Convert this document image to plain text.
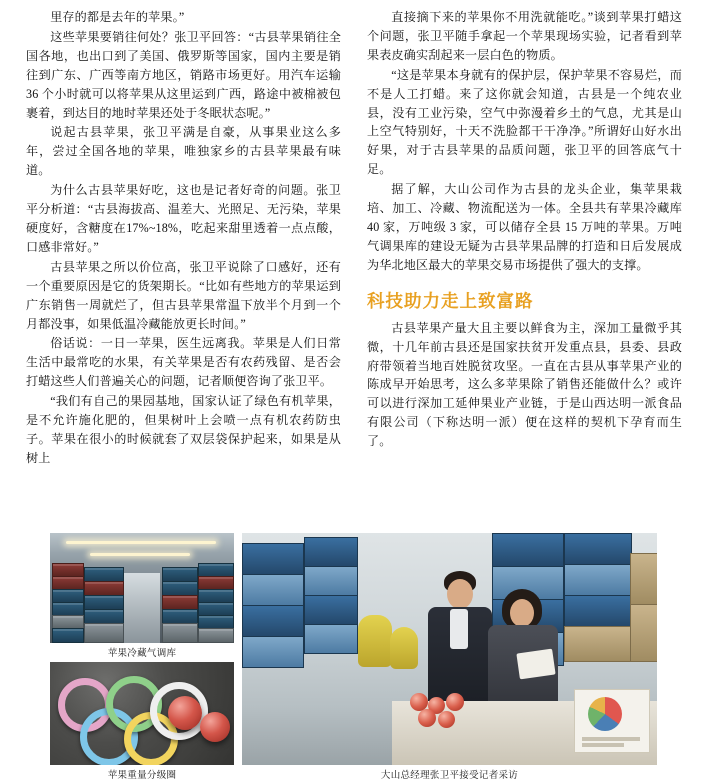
里存的都是去年的苹果。”

这些苹果要销往何处？张卫平回答：“古县苹果销往全国各地，也出口到了美国、俄罗斯等国家，国内主要是销往到广东、广西等南方地区，销路市场更好。用汽车运输 36 个小时就可以将苹果从这里运到广西，路途中被棉被包裹着，到达目的地时苹果还处于冬眠状态呢。”

说起古县苹果，张卫平满是自豪，从事果业这么多年，尝过全国各地的苹果，唯独家乡的古县苹果最有味道。

为什么古县苹果好吃，这也是记者好奇的问题。张卫平分析道：“古县海拔高、温差大、光照足、无污染，苹果硬度好，含糖度在17%~18%，吃起来甜里透着一点点酸，口感非常好。”

古县苹果之所以价位高，张卫平说除了口感好，还有一个重要原因是它的货架期长。“比如有些地方的苹果运到广东销售一周就烂了，但古县苹果常温下放半个月到一个月都没事，如果低温冷藏能放更长时间。”

俗话说：一日一苹果，医生远离我。苹果是人们日常生活中最常吃的水果，有关苹果是否有农药残留、是否会打蜡这些人们普遍关心的问题，记者顺便咨询了张卫平。

“我们有自己的果园基地，国家认证了绿色有机苹果，是不允许施化肥的，但果树叶上会喷一点有机农药防虫子。苹果在很小的时候就套了双层袋保护起来，如果是从树上

直接摘下来的苹果你不用洗就能吃。”谈到苹果打蜡这个问题，张卫平随手拿起一个苹果现场实验，记者看到苹果表皮确实刮起来一层白色的物质。

“这是苹果本身就有的保护层，保护苹果不容易烂，而不是人工打蜡。来了这你就会知道，古县是一个纯农业县，没有工业污染，空气中弥漫着乡土的气息，尤其是山上空气特别好，十天不洗脸都干干净净。”所谓好山好水出好果，对于古县苹果的品质问题，张卫平的回答底气十足。

据了解，大山公司作为古县的龙头企业，集苹果栽培、加工、冷藏、物流配送为一体。全县共有苹果冷藏库 40 家，万吨级 3 家，可以储存全县 15 万吨的苹果。万吨气调果库的建设无疑为古县苹果品牌的打造和日后发展成为华北地区最大的苹果交易市场提供了强大的支撑。

科技助力走上致富路

古县苹果产量大且主要以鲜食为主，深加工量微乎其微，十几年前古县还是国家扶贫开发重点县，县委、县政府带领着当地百姓脱贫攻坚。一直在古县从事苹果产业的陈成早开始思考，这么多苹果除了销售还能做什么？或许可以进行深加工延伸果业产业链，于是山西达明一派食品有限公司（下称达明一派）便在这样的契机下孕育而生了。

苹果冷藏气调库
苹果重量分级圈	大山总经理张卫平接受记者采访
